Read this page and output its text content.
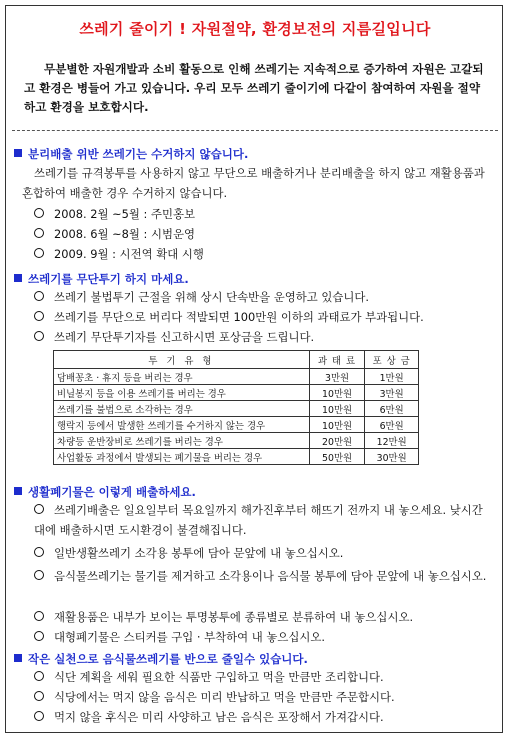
쓰레기 줄이기 ! 자원절약, 환경보전의 지름길입니다
무분별한 자원개발과 소비 활동으로 인해 쓰레기는 지속적으로 증가하여 자원은 고갈되고 환경은 병들어 가고 있습니다. 우리 모두 쓰레기 줄이기에 다같이 참여하여 자원을 절약하고 환경을 보호합시다.
분리배출 위반 쓰레기는 수거하지 않습니다.
쓰레기를 규격봉투를 사용하지 않고 무단으로 배출하거나 분리배출을 하지 않고 재활용품과 혼합하여 배출한 경우 수거하지 않습니다.
2008. 2월 ~5월 : 주민홍보
2008. 6월 ~8월 : 시범운영
2009. 9월 : 시전역 확대 시행
쓰레기를 무단투기 하지 마세요.
쓰레기 불법투기 근절을 위해 상시 단속반을 운영하고 있습니다.
쓰레기를 무단으로 버리다 적발되면 100만원 이하의 과태료가 부과됩니다.
쓰레기 무단투기자를 신고하시면 포상금을 드립니다.
투 기 유 형	과 태 료	포 상 금
담배꽁초 · 휴지 등을 버리는 경우	3만원	1만원
비닐봉지 등을 이용 쓰레기를 버리는 경우	10만원	3만원
쓰레기를 불법으로 소각하는 경우	10만원	6만원
행락지 등에서 발생한 쓰레기를 수거하지 않는 경우	10만원	6만원
차량등 운반장비로 쓰레기를 버리는 경우	20만원	12만원
사업활동 과정에서 발생되는 폐기물을 버리는 경우	50만원	30만원
생활폐기물은 이렇게 배출하세요.
쓰레기배출은 일요일부터 목요일까지 해가진후부터 해뜨기 전까지 내 놓으세요. 낮시간대에 배출하시면 도시환경이 불결해집니다.
일반생활쓰레기 소각용 봉투에 담아 문앞에 내 놓으십시오.
음식물쓰레기는 물기를 제거하고 소각용이나 음식물 봉투에 담아 문앞에 내 놓으십시오.
재활용품은 내부가 보이는 투명봉투에 종류별로 분류하여 내 놓으십시오.
대형폐기물은 스티커를 구입 · 부착하여 내 놓으십시오.
작은 실천으로 음식물쓰레기를 반으로 줄일수 있습니다.
식단 계획을 세워 필요한 식품만 구입하고 먹을 만큼만 조리합니다.
식당에서는 먹지 않을 음식은 미리 반납하고 먹을 만큼만 주문합시다.
먹지 않을 후식은 미리 사양하고 남은 음식은 포장해서 가져갑시다.
